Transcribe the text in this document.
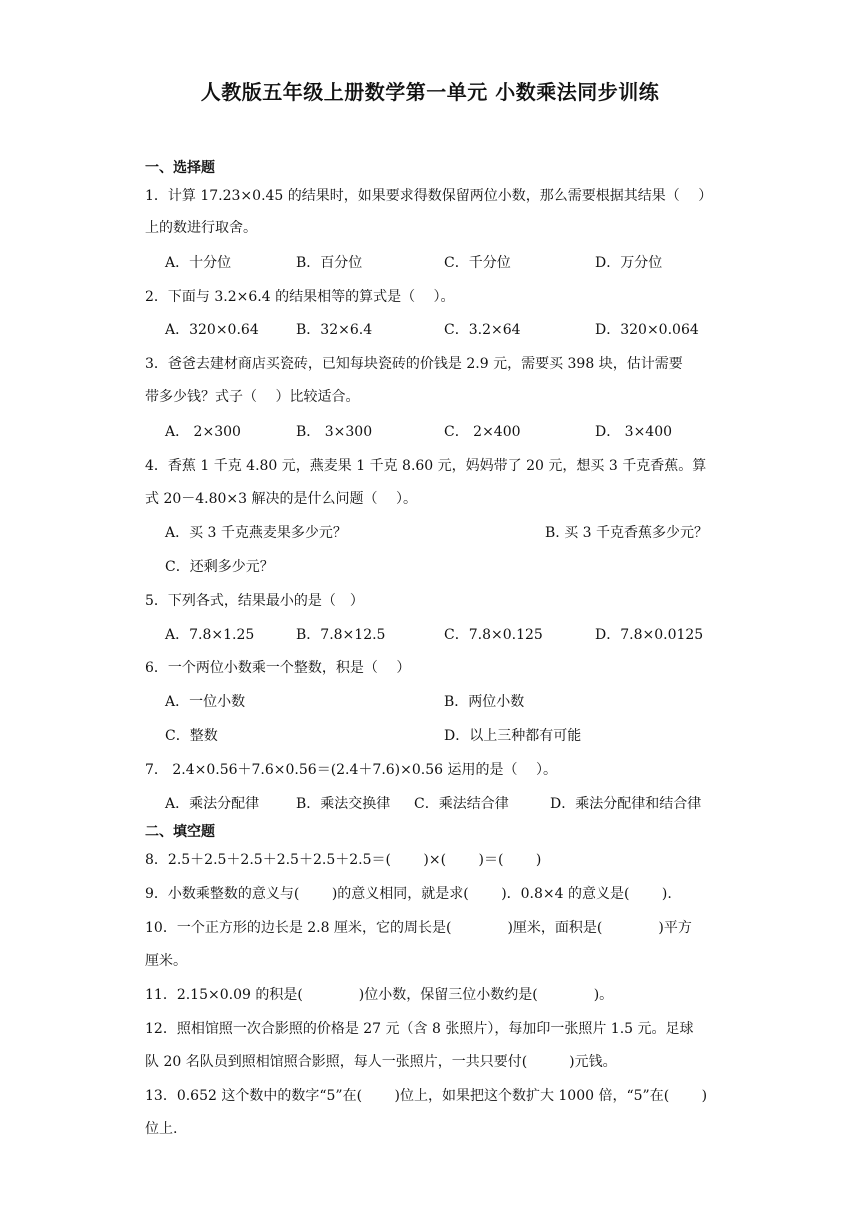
人教版五年级上册数学第一单元 小数乘法同步训练
一、选择题
1．计算 17.23×0.45 的结果时，如果要求得数保留两位小数，那么需要根据其结果（　 ）
上的数进行取舍。
A．十分位	B．百分位	C．千分位	D．万分位
2．下面与 3.2×6.4 的结果相等的算式是（　 ）。
A．320×0.64	B．32×6.4	C．3.2×64	D．320×0.064
3．爸爸去建材商店买瓷砖，已知每块瓷砖的价钱是 2.9 元，需要买 398 块，估计需要
带多少钱？式子（　 ）比较适合。
A． 2×300	B． 3×300	C． 2×400	D． 3×400
4．香蕉 1 千克 4.80 元，燕麦果 1 千克 8.60 元，妈妈带了 20 元，想买 3 千克香蕉。算
式 20－4.80×3 解决的是什么问题（　 ）。
A．买 3 千克燕麦果多少元？	B. 买 3 千克香蕉多少元？
C．还剩多少元？
5．下列各式，结果最小的是（　）
A．7.8×1.25	B．7.8×12.5	C．7.8×0.125	D．7.8×0.0125
6．一个两位小数乘一个整数，积是（　 ）
A．一位小数	B．两位小数
C．整数	D．以上三种都有可能
7． 2.4×0.56＋7.6×0.56＝(2.4＋7.6)×0.56 运用的是（　 ）。
A．乘法分配律	B．乘法交换律 C．乘法结合律	D．乘法分配律和结合律
二、填空题
8．2.5＋2.5＋2.5＋2.5＋2.5＋2.5＝(　　 )×(　　 )＝(　　 )
9．小数乘整数的意义与(　　 )的意义相同，就是求(　　 )．0.8×4 的意义是(　　 ).
10．一个正方形的边长是 2.8 厘米，它的周长是(　　　　)厘米，面积是(　　　　)平方
厘米。
11．2.15×0.09 的积是(　　　　)位小数，保留三位小数约是(　　　　)。
12．照相馆照一次合影照的价格是 27 元（含 8 张照片），每加印一张照片 1.5 元。足球
队 20 名队员到照相馆照合影照，每人一张照片，一共只要付(　　　)元钱。
13．0.652 这个数中的数字“5”在(　　 )位上，如果把这个数扩大 1000 倍，“5”在(　　 )
位上.
